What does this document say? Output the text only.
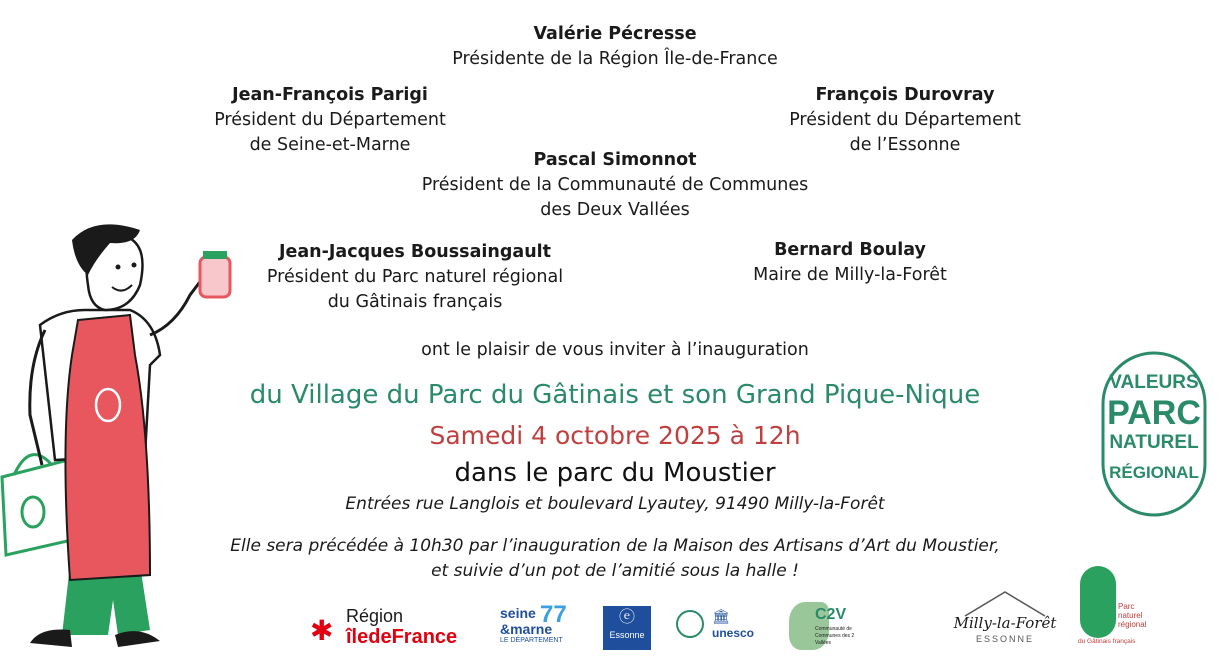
Valérie Pécresse
Présidente de la Région Île-de-France
Jean-François Parigi
Président du Département
de Seine-et-Marne
François Durovray
Président du Département
de l’Essonne
Pascal Simonnot
Président de la Communauté de Communes
des Deux Vallées
Jean-Jacques Boussaingault
Président du Parc naturel régional
du Gâtinais français
Bernard Boulay
Maire de Milly-la-Forêt
ont le plaisir de vous inviter à l’inauguration
du Village du Parc du Gâtinais et son Grand Pique-Nique
Samedi 4 octobre 2025 à 12h
dans le parc du Moustier
Entrées rue Langlois et boulevard Lyautey, 91490 Milly-la-Forêt
Elle sera précédée à 10h30 par l’inauguration de la Maison des Artisans d’Art du Moustier,
et suivie d’un pot de l’amitié sous la halle !
VALEURS
PARC
NATUREL
RÉGIONAL
✱ Région
îledeFrance
seine
&marne
LE DÉPARTEMENT
77	ⓔ
Essonne
🏛
unesco
C2V
Communauté de Communes des 2 Vallées
Milly-la-Forêt
ESSONNE
Parc
naturel
régional
du Gâtinais français
